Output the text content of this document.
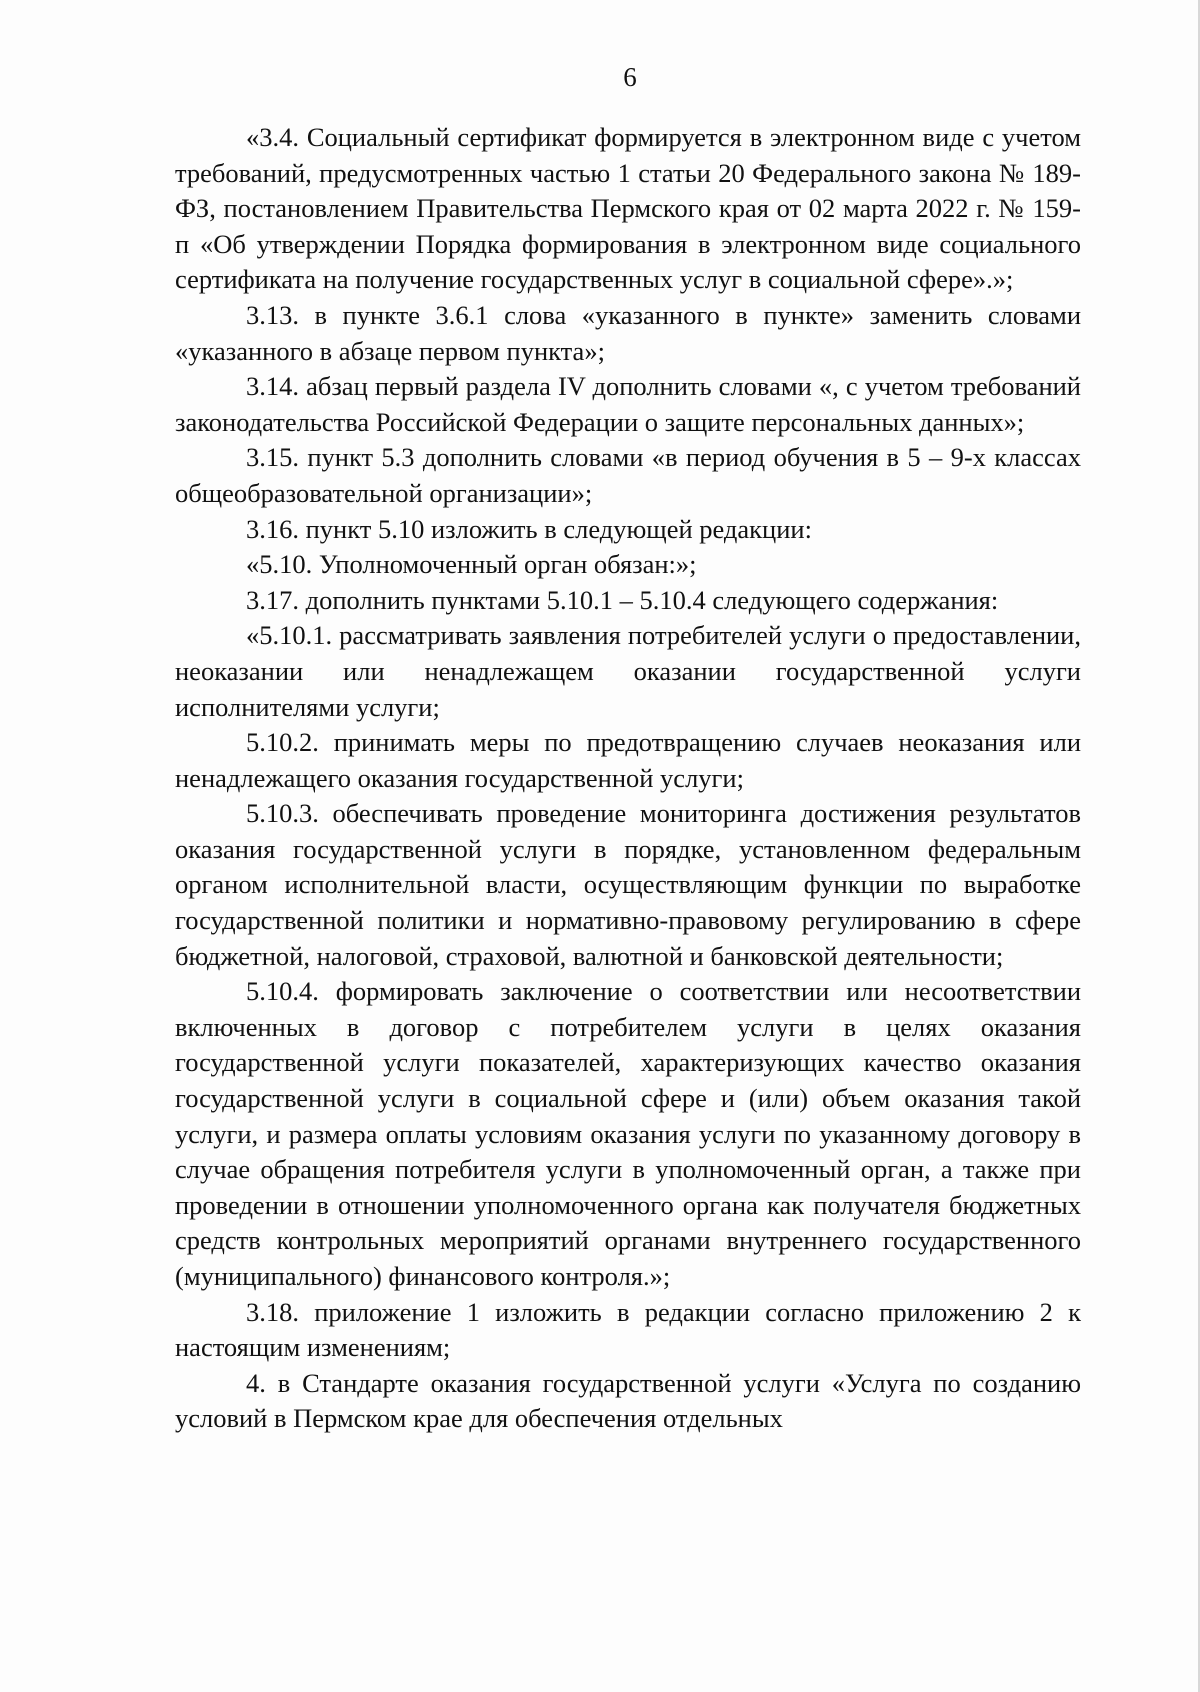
6

«3.4. Социальный сертификат формируется в электронном виде с учетом требований, предусмотренных частью 1 статьи 20 Федерального закона № 189-ФЗ, постановлением Правительства Пермского края от 02 марта 2022 г. № 159-п «Об утверждении Порядка формирования в электронном виде социального сертификата на получение государственных услуг в социальной сфере».»;

3.13. в пункте 3.6.1 слова «указанного в пункте» заменить словами «указанного в абзаце первом пункта»;

3.14. абзац первый раздела IV дополнить словами «, с учетом требований законодательства Российской Федерации о защите персональных данных»;

3.15. пункт 5.3 дополнить словами «в период обучения в 5 – 9-х классах общеобразовательной организации»;

3.16. пункт 5.10 изложить в следующей редакции:

«5.10. Уполномоченный орган обязан:»;

3.17. дополнить пунктами 5.10.1 – 5.10.4 следующего содержания:

«5.10.1. рассматривать заявления потребителей услуги о предоставлении, неоказании или ненадлежащем оказании государственной услуги исполнителями услуги;

5.10.2. принимать меры по предотвращению случаев неоказания или ненадлежащего оказания государственной услуги;

5.10.3. обеспечивать проведение мониторинга достижения результатов оказания государственной услуги в порядке, установленном федеральным органом исполнительной власти, осуществляющим функции по выработке государственной политики и нормативно-правовому регулированию в сфере бюджетной, налоговой, страховой, валютной и банковской деятельности;

5.10.4. формировать заключение о соответствии или несоответствии включенных в договор с потребителем услуги в целях оказания государственной услуги показателей, характеризующих качество оказания государственной услуги в социальной сфере и (или) объем оказания такой услуги, и размера оплаты условиям оказания услуги по указанному договору в случае обращения потребителя услуги в уполномоченный орган, а также при проведении в отношении уполномоченного органа как получателя бюджетных средств контрольных мероприятий органами внутреннего государственного (муниципального) финансового контроля.»;

3.18. приложение 1 изложить в редакции согласно приложению 2 к настоящим изменениям;

4. в Стандарте оказания государственной услуги «Услуга по созданию условий в Пермском крае для обеспечения отдельных
